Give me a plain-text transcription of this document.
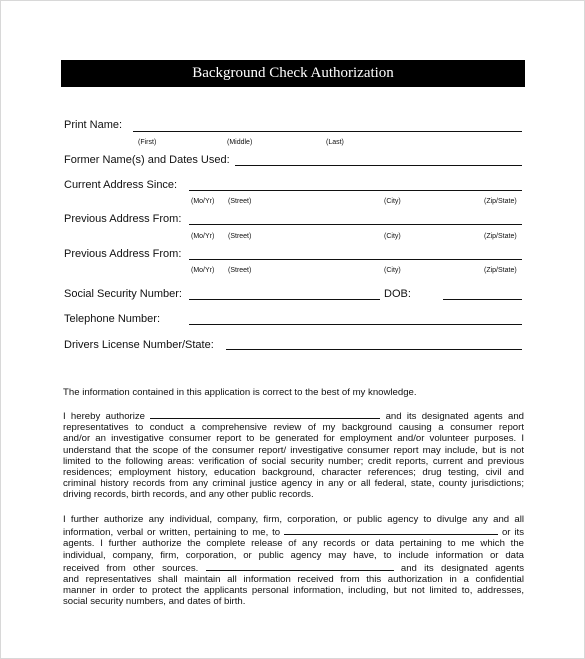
Background Check Authorization
Print Name:
(First)	(Middle)	(Last)
Former Name(s) and Dates Used:
Current Address Since:
(Mo/Yr) (Street)	(City)	(Zip/State)
Previous Address From:
(Mo/Yr) (Street)	(City)	(Zip/State)
Previous Address From:
(Mo/Yr) (Street)	(City)	(Zip/State)
Social Security Number:	DOB:
Telephone Number:
Drivers License Number/State:
The information contained in this application is correct to the best of my knowledge.
I hereby authorize	and its designated agents and
representatives to conduct a comprehensive review of my background causing a consumer report
and/or an investigative consumer report to be generated for employment and/or volunteer purposes. I
understand that the scope of the consumer report/ investigative consumer report may include, but is not
limited to the following areas: verification of social security number; credit reports, current and previous
residences; employment history, education background, character references; drug testing, civil and
criminal history records from any criminal justice agency in any or all federal, state, county jurisdictions;
driving records, birth records, and any other public records.
I further authorize any individual, company, firm, corporation, or public agency to divulge any and all
information, verbal or written, pertaining to me, to	or its
agents. I further authorize the complete release of any records or data pertaining to me which the
individual, company, firm, corporation, or public agency may have, to include information or data
received from other sources.	and its designated agents
and representatives shall maintain all information received from this authorization in a confidential
manner in order to protect the applicants personal information, including, but not limited to, addresses,
social security numbers, and dates of birth.
